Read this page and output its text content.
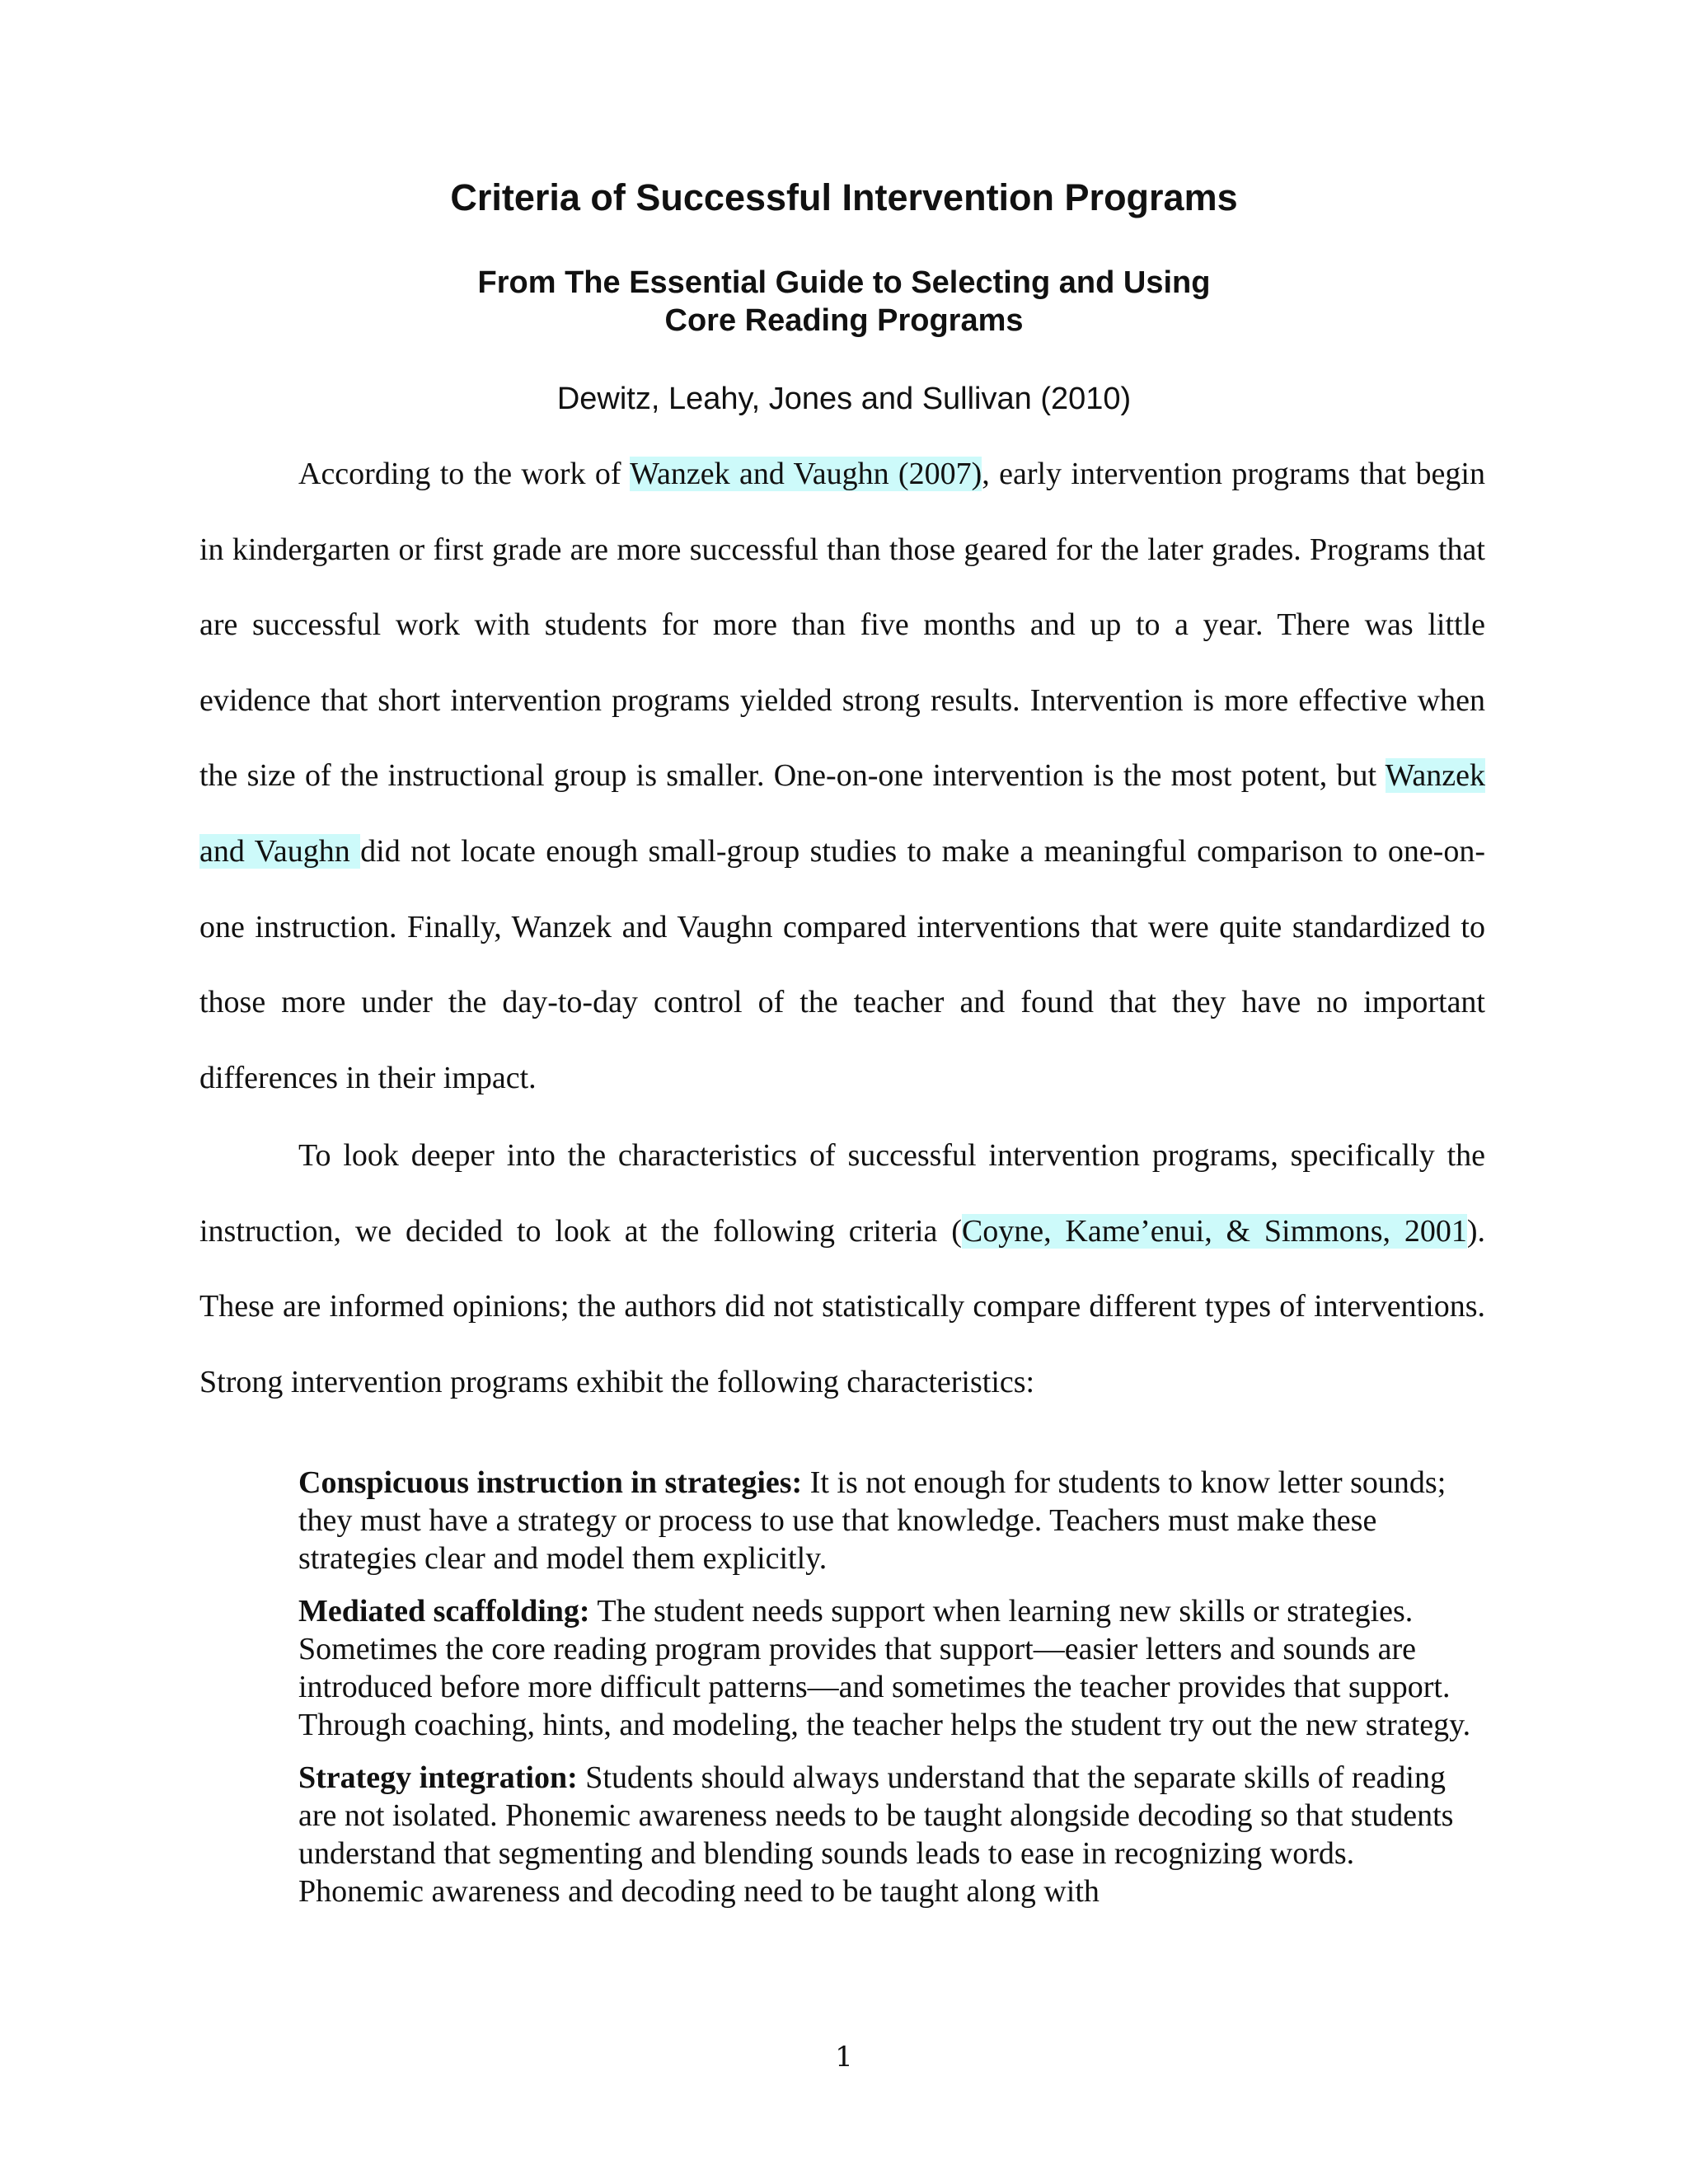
Criteria of Successful Intervention Programs
From The Essential Guide to Selecting and Using
Core Reading Programs
Dewitz, Leahy, Jones and Sullivan (2010)

According to the work of Wanzek and Vaughn (2007), early intervention programs that begin in kindergarten or first grade are more successful than those geared for the later grades. Programs that are successful work with students for more than five months and up to a year. There was little evidence that short intervention programs yielded strong results. Intervention is more effective when the size of the instructional group is smaller. One-on-one intervention is the most potent, but Wanzek and Vaughn did not locate enough small-group studies to make a meaningful comparison to one-on-one instruction. Finally, Wanzek and Vaughn compared interventions that were quite standardized to those more under the day-to-day control of the teacher and found that they have no important differences in their impact.

To look deeper into the characteristics of successful intervention programs, specifically the instruction, we decided to look at the following criteria (Coyne, Kame’enui, & Simmons, 2001). These are informed opinions; the authors did not statistically compare different types of interventions. Strong intervention programs exhibit the following characteristics:

Conspicuous instruction in strategies: It is not enough for students to know letter sounds; they must have a strategy or process to use that knowledge. Teachers must make these strategies clear and model them explicitly.

Mediated scaffolding: The student needs support when learning new skills or strategies. Sometimes the core reading program provides that support—easier letters and sounds are introduced before more difficult patterns—and sometimes the teacher provides that support. Through coaching, hints, and modeling, the teacher helps the student try out the new strategy.

Strategy integration: Students should always understand that the separate skills of reading are not isolated. Phonemic awareness needs to be taught alongside decoding so that students understand that segmenting and blending sounds leads to ease in recognizing words. Phonemic awareness and decoding need to be taught along with

1
